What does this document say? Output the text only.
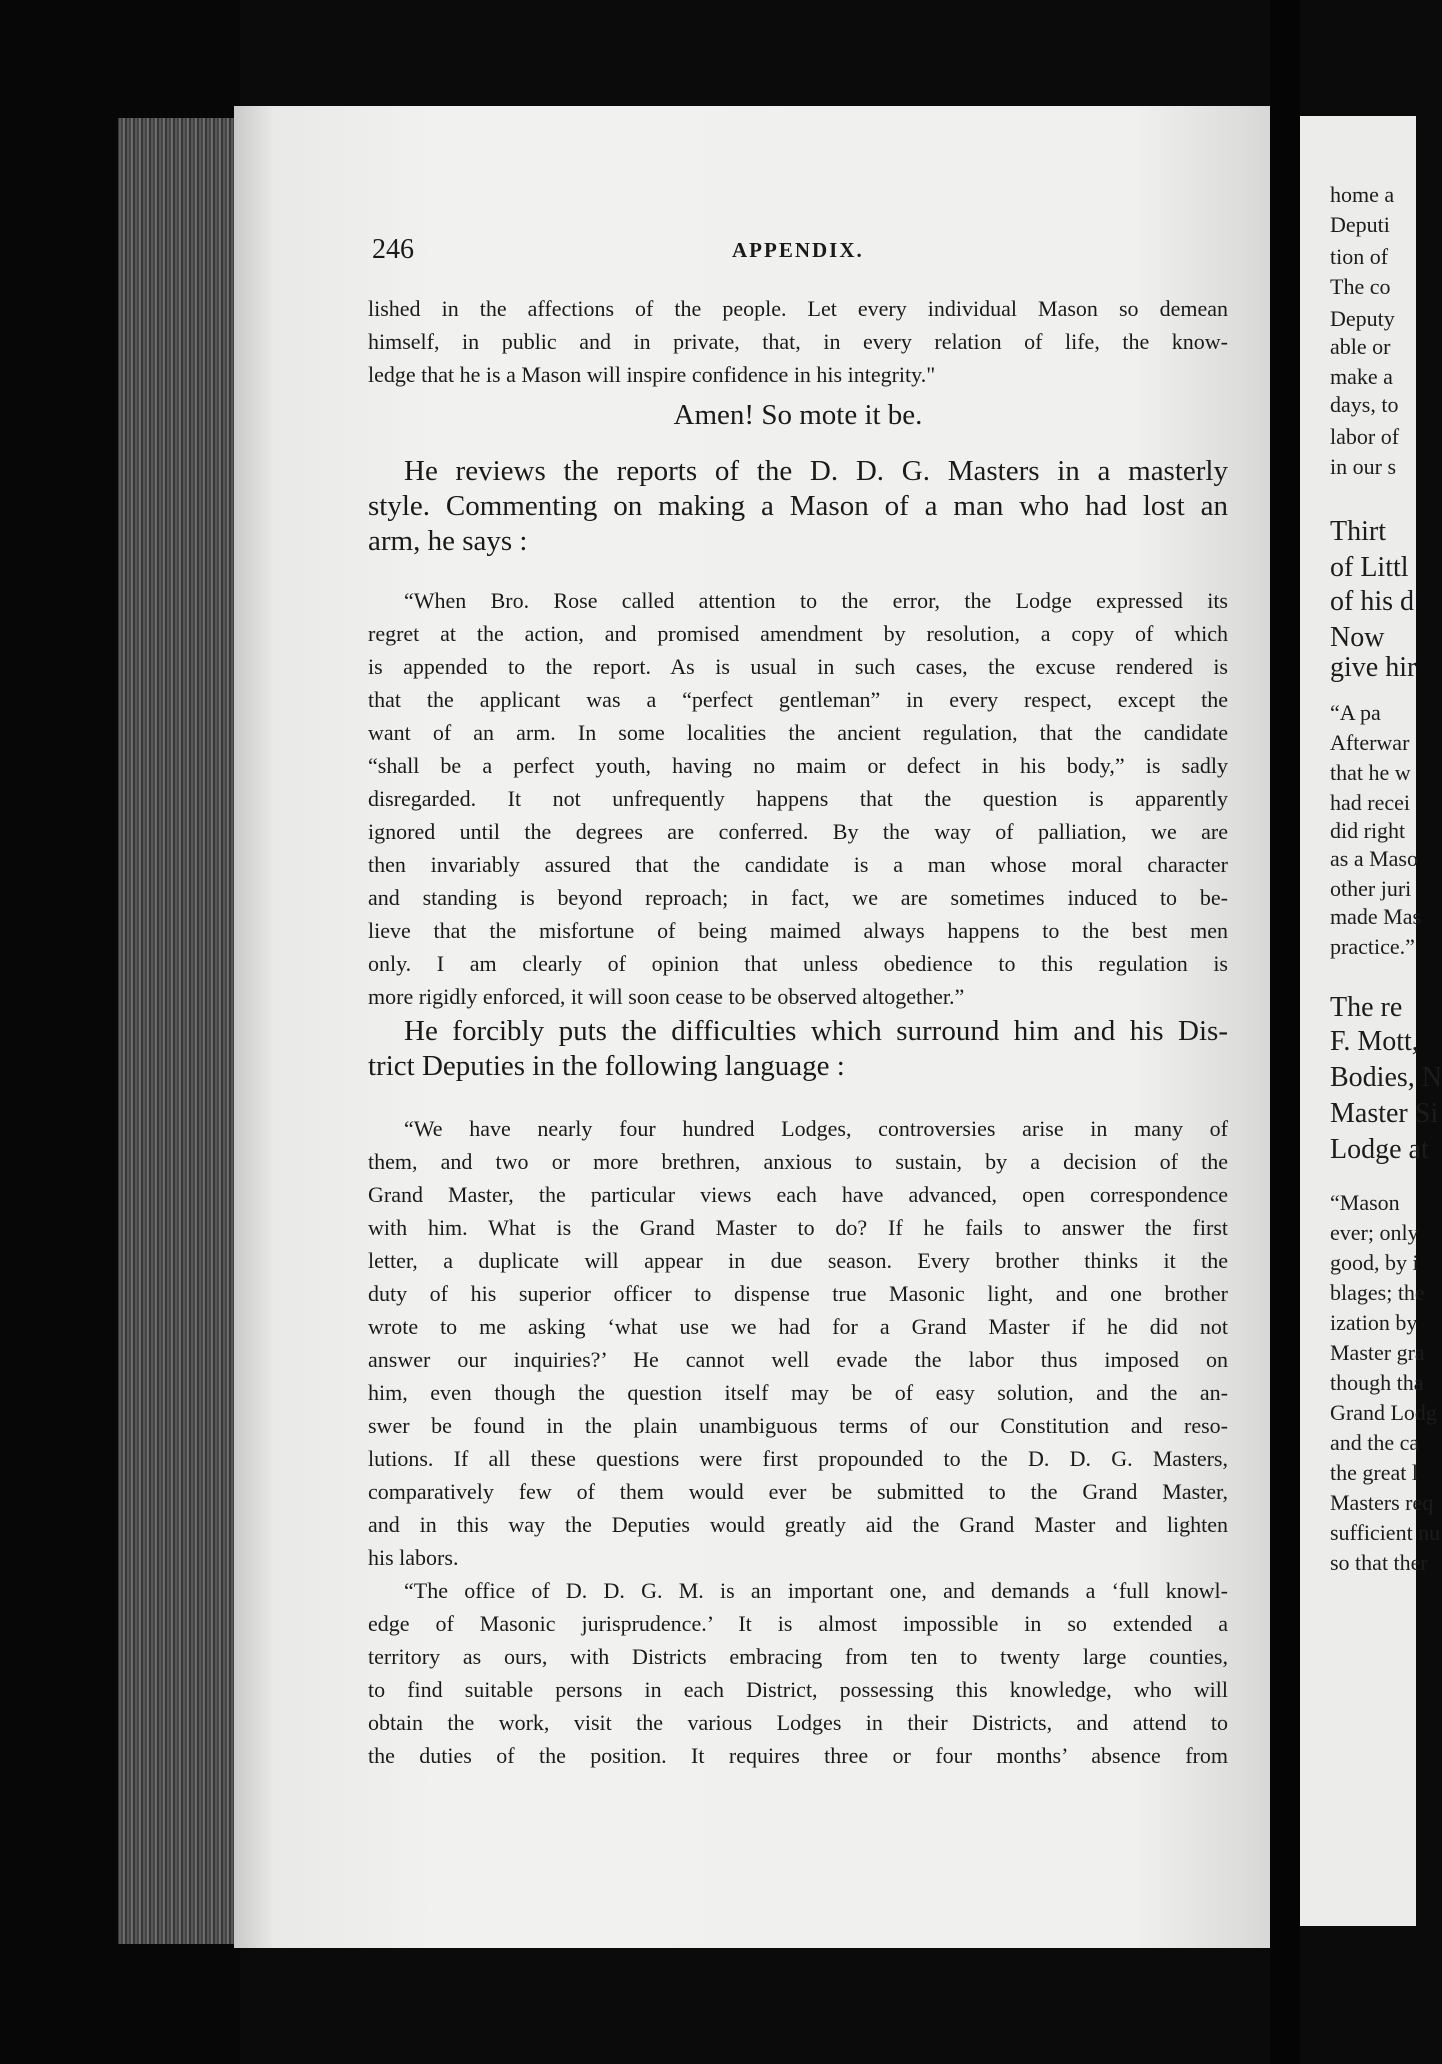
home a
Deputi
tion of
The co
Deputy
able or
make a
days, to
labor of
in our s
Thirt
of Littl
of his d
Now
give hir
“A pa
Afterwar
that he w
had recei
did right
as a Maso
other juri
made Mas
practice.”
The re
F. Mott,
Bodies, N
Master Si
Lodge at
“Mason
ever; only
good, by i
blages; the
ization by
Master gra
though tha
Grand Lodg
and the ca
the great l
Masters req
sufficient nu
so that ther
246	APPENDIX.
lished in the affections of the people. Let every individual Mason so demean
himself, in public and in private, that, in every relation of life, the know-
ledge that he is a Mason will inspire confidence in his integrity."
Amen! So mote it be.
He reviews the reports of the D. D. G. Masters in a masterly
style. Commenting on making a Mason of a man who had lost an
arm, he says :
“When Bro. Rose called attention to the error, the Lodge expressed its
regret at the action, and promised amendment by resolution, a copy of which
is appended to the report. As is usual in such cases, the excuse rendered is
that the applicant was a “perfect gentleman” in every respect, except the
want of an arm. In some localities the ancient regulation, that the candidate
“shall be a perfect youth, having no maim or defect in his body,” is sadly
disregarded. It not unfrequently happens that the question is apparently
ignored until the degrees are conferred. By the way of palliation, we are
then invariably assured that the candidate is a man whose moral character
and standing is beyond reproach; in fact, we are sometimes induced to be-
lieve that the misfortune of being maimed always happens to the best men
only. I am clearly of opinion that unless obedience to this regulation is
more rigidly enforced, it will soon cease to be observed altogether.”
He forcibly puts the difficulties which surround him and his Dis-
trict Deputies in the following language :
“We have nearly four hundred Lodges, controversies arise in many of
them, and two or more brethren, anxious to sustain, by a decision of the
Grand Master, the particular views each have advanced, open correspondence
with him. What is the Grand Master to do? If he fails to answer the first
letter, a duplicate will appear in due season. Every brother thinks it the
duty of his superior officer to dispense true Masonic light, and one brother
wrote to me asking ‘what use we had for a Grand Master if he did not
answer our inquiries?’ He cannot well evade the labor thus imposed on
him, even though the question itself may be of easy solution, and the an-
swer be found in the plain unambiguous terms of our Constitution and reso-
lutions. If all these questions were first propounded to the D. D. G. Masters,
comparatively few of them would ever be submitted to the Grand Master,
and in this way the Deputies would greatly aid the Grand Master and lighten
his labors.
“The office of D. D. G. M. is an important one, and demands a ‘full knowl-
edge of Masonic jurisprudence.’ It is almost impossible in so extended a
territory as ours, with Districts embracing from ten to twenty large counties,
to find suitable persons in each District, possessing this knowledge, who will
obtain the work, visit the various Lodges in their Districts, and attend to
the duties of the position. It requires three or four months’ absence from
